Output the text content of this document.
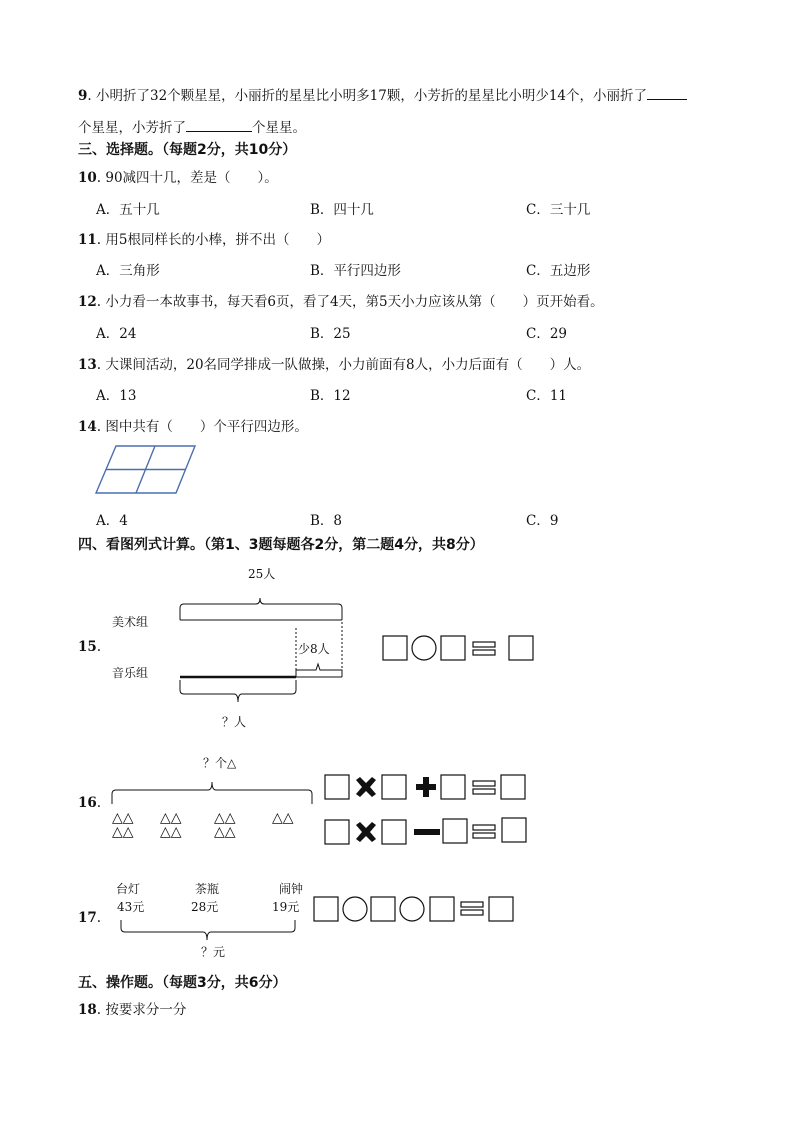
9. 小明折了32个颗星星，小丽折的星星比小明多17颗，小芳折的星星比小明少14个，小丽折了
个星星，小芳折了	个星星。
三、选择题。（每题2分，共10分）
10. 90减四十几，差是（　　）。
A．五十几	B．四十几	C．三十几
11. 用5根同样长的小棒，拼不出（　　）
A．三角形	B．平行四边形	C．五边形
12. 小力看一本故事书，每天看6页，看了4天，第5天小力应该从第（　　）页开始看。
A．24	B．25	C．29
13. 大课间活动，20名同学排成一队做操，小力前面有8人，小力后面有（　　）人。
A．13	B．12	C．11
14. 图中共有（　　）个平行四边形。
A．4	B．8	C．9
四、看图列式计算。（第1、3题每题各2分，第二题4分，共8分）
15.
25人
美术组
音乐组
少8人
？人
16.
？个△
△△
△△
△△
△△
△△
△△
△△
17.
台灯
43元
茶瓶
28元
闹钟
19元
？元
五、操作题。（每题3分，共6分）
18. 按要求分一分
